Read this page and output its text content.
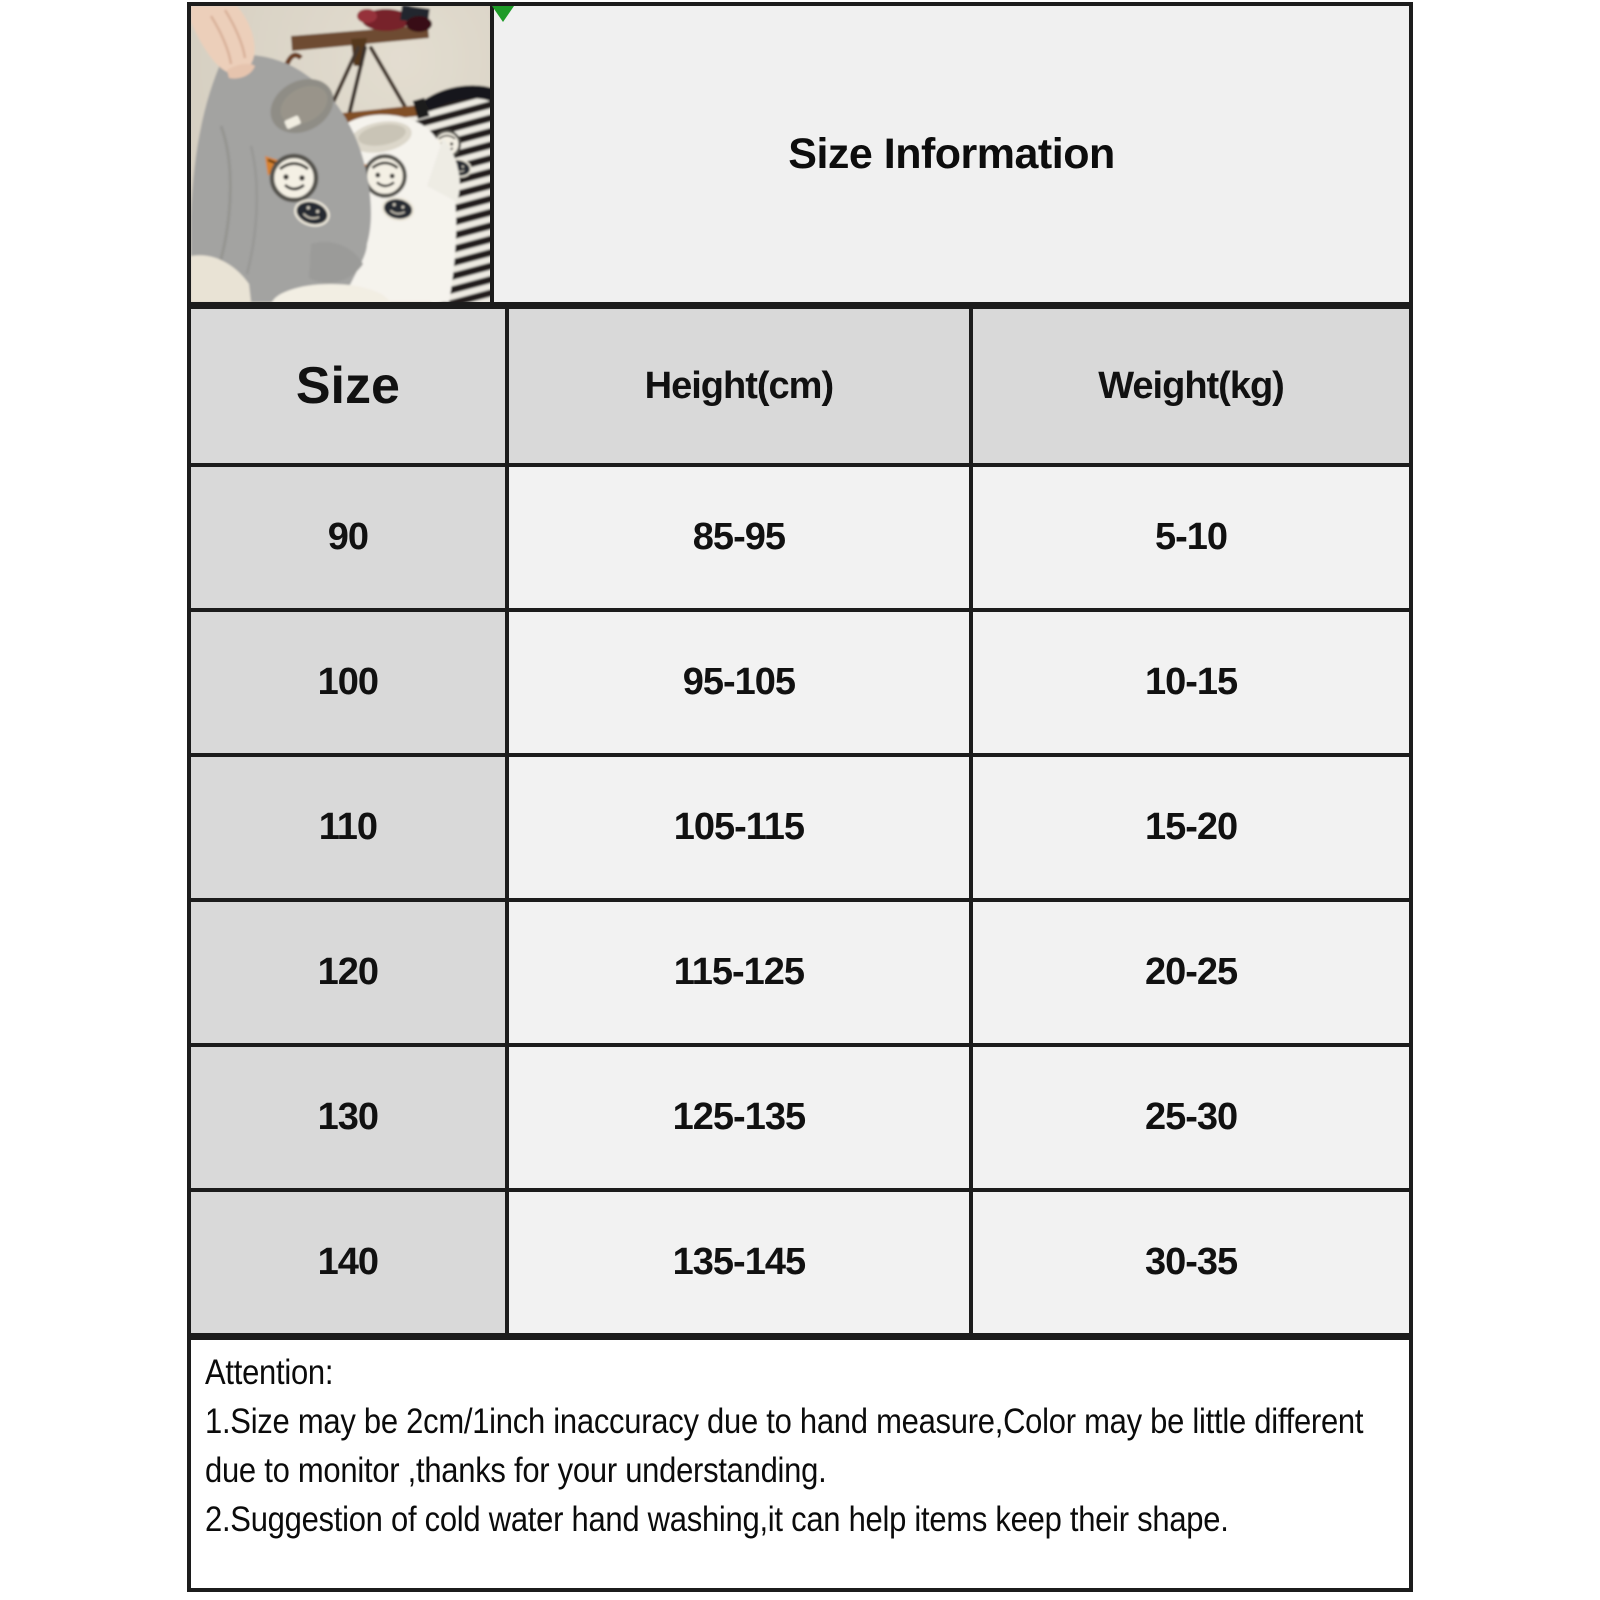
Size Information
Size	Height(cm)	Weight(kg)
90	85-95	5-10
100	95-105	10-15
110	105-115	15-20
120	115-125	20-25
130	125-135	25-30
140	135-145	30-35
Attention:
1.Size may be 2cm/1inch inaccuracy due to hand measure,Color may be little different due to monitor ,thanks for your understanding.
2.Suggestion of cold water hand washing,it can help items keep their shape.
